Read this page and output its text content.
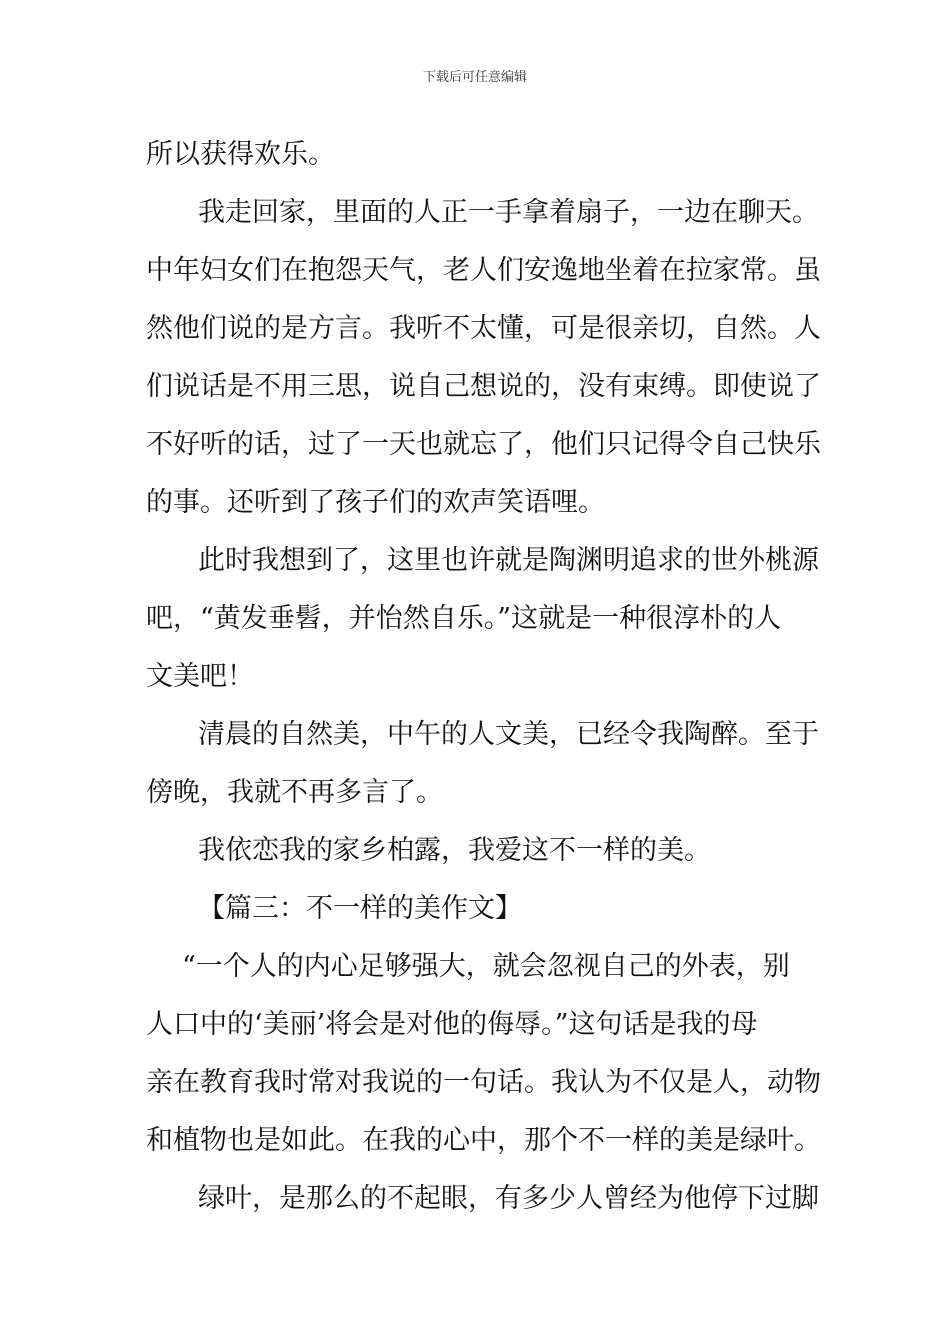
下载后可任意编辑
所以获得欢乐。
我走回家，里面的人正一手拿着扇子，一边在聊天。
中年妇女们在抱怨天气，老人们安逸地坐着在拉家常。虽
然他们说的是方言。我听不太懂，可是很亲切，自然。人
们说话是不用三思，说自己想说的，没有束缚。即使说了
不好听的话，过了一天也就忘了，他们只记得令自己快乐
的事。还听到了孩子们的欢声笑语哩。
此时我想到了，这里也许就是陶渊明追求的世外桃源
吧，“黄发垂髫，并怡然自乐。”这就是一种很淳朴的人
文美吧！
清晨的自然美，中午的人文美，已经令我陶醉。至于
傍晚，我就不再多言了。
我依恋我的家乡柏露，我爱这不一样的美。
【篇三：不一样的美作文】
“一个人的内心足够强大，就会忽视自己的外表，别
人口中的‘美丽’将会是对他的侮辱。”这句话是我的母
亲在教育我时常对我说的一句话。我认为不仅是人，动物
和植物也是如此。在我的心中，那个不一样的美是绿叶。
绿叶，是那么的不起眼，有多少人曾经为他停下过脚
